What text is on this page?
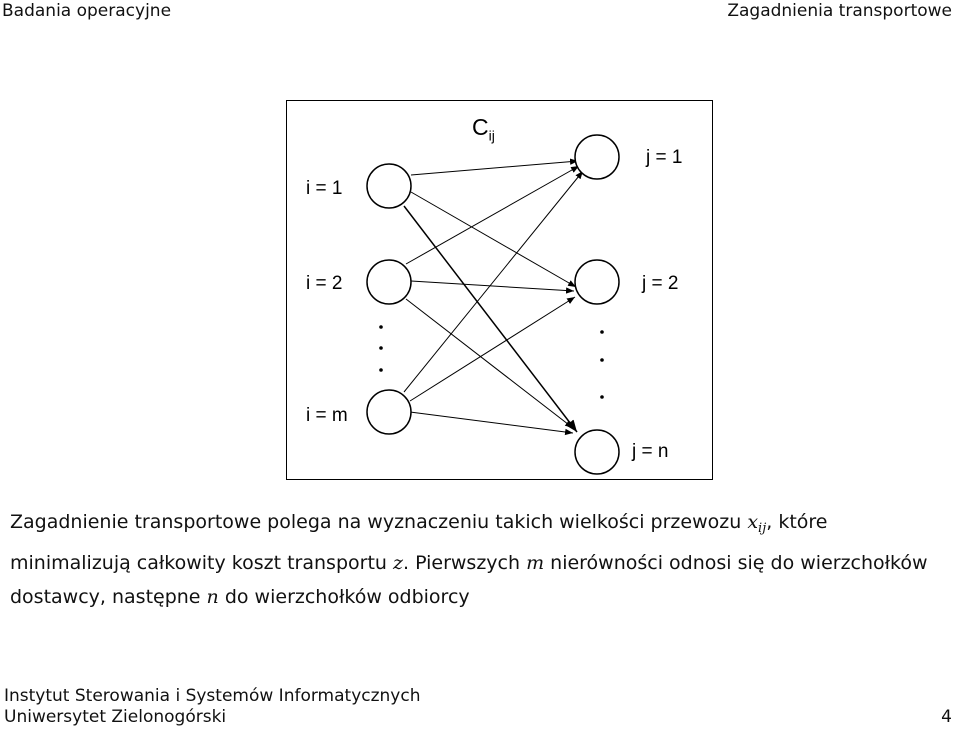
Badania operacyjne	Zagadnienia transportowe
$C_{ij}$
i = 1
i = 2
i = m
j = 1
j = 2
j = n
Zagadnienie transportowe polega na wyznaczeniu takich wielkości przewozu $x_{ij}$, które minimalizują całkowity koszt transportu z. Pierwszych m nierówności odnosi się do wierzchołków dostawcy, następne n do wierzchołków odbiorcy
Instytut Sterowania i Systemów Informatycznych
Uniwersytet Zielonogórski	4
